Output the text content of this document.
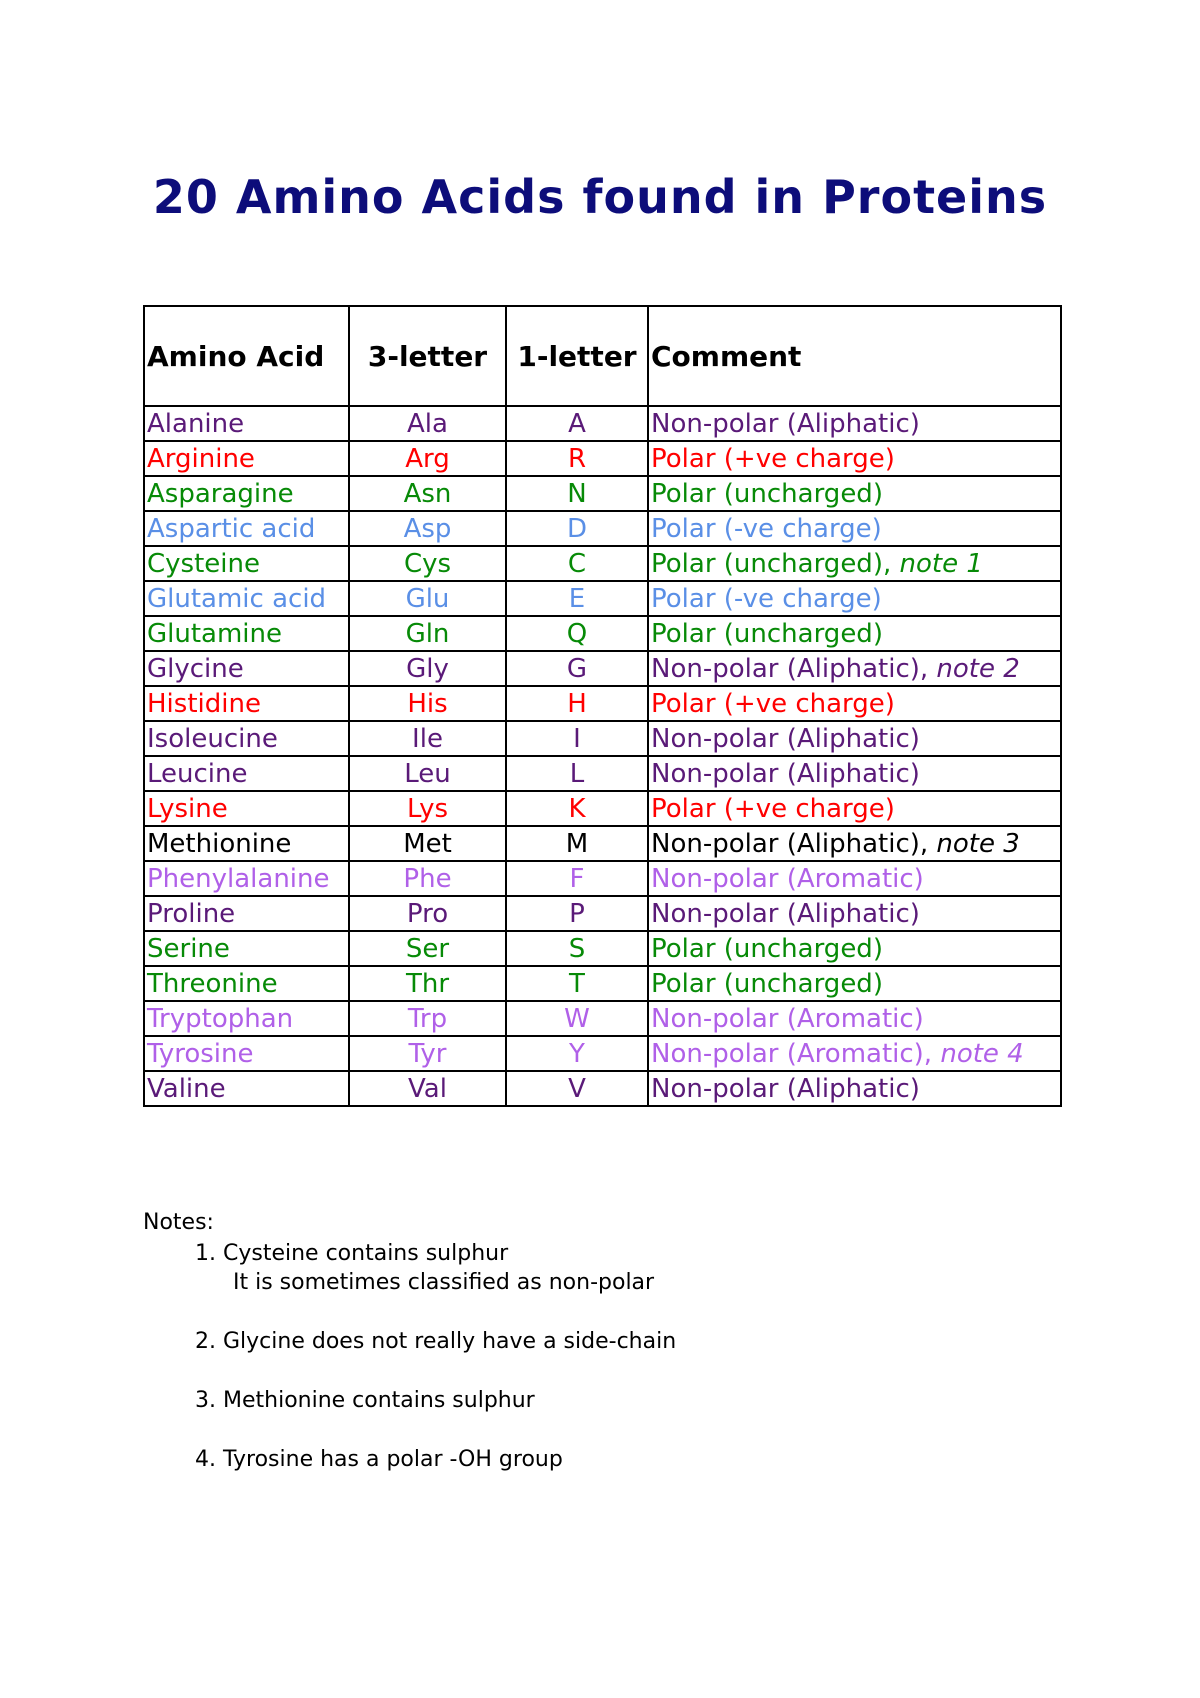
20 Amino Acids found in Proteins
Amino Acid	3-letter	1-letter	Comment
Alanine	Ala	A	Non-polar (Aliphatic)
Arginine	Arg	R	Polar (+ve charge)
Asparagine	Asn	N	Polar (uncharged)
Aspartic acid	Asp	D	Polar (-ve charge)
Cysteine	Cys	C	Polar (uncharged), note 1
Glutamic acid	Glu	E	Polar (-ve charge)
Glutamine	Gln	Q	Polar (uncharged)
Glycine	Gly	G	Non-polar (Aliphatic), note 2
Histidine	His	H	Polar (+ve charge)
Isoleucine	Ile	I	Non-polar (Aliphatic)
Leucine	Leu	L	Non-polar (Aliphatic)
Lysine	Lys	K	Polar (+ve charge)
Methionine	Met	M	Non-polar (Aliphatic), note 3
Phenylalanine	Phe	F	Non-polar (Aromatic)
Proline	Pro	P	Non-polar (Aliphatic)
Serine	Ser	S	Polar (uncharged)
Threonine	Thr	T	Polar (uncharged)
Tryptophan	Trp	W	Non-polar (Aromatic)
Tyrosine	Tyr	Y	Non-polar (Aromatic), note 4
Valine	Val	V	Non-polar (Aliphatic)
Notes:
1. Cysteine contains sulphur
It is sometimes classified as non-polar
2. Glycine does not really have a side-chain
3. Methionine contains sulphur
4. Tyrosine has a polar -OH group
